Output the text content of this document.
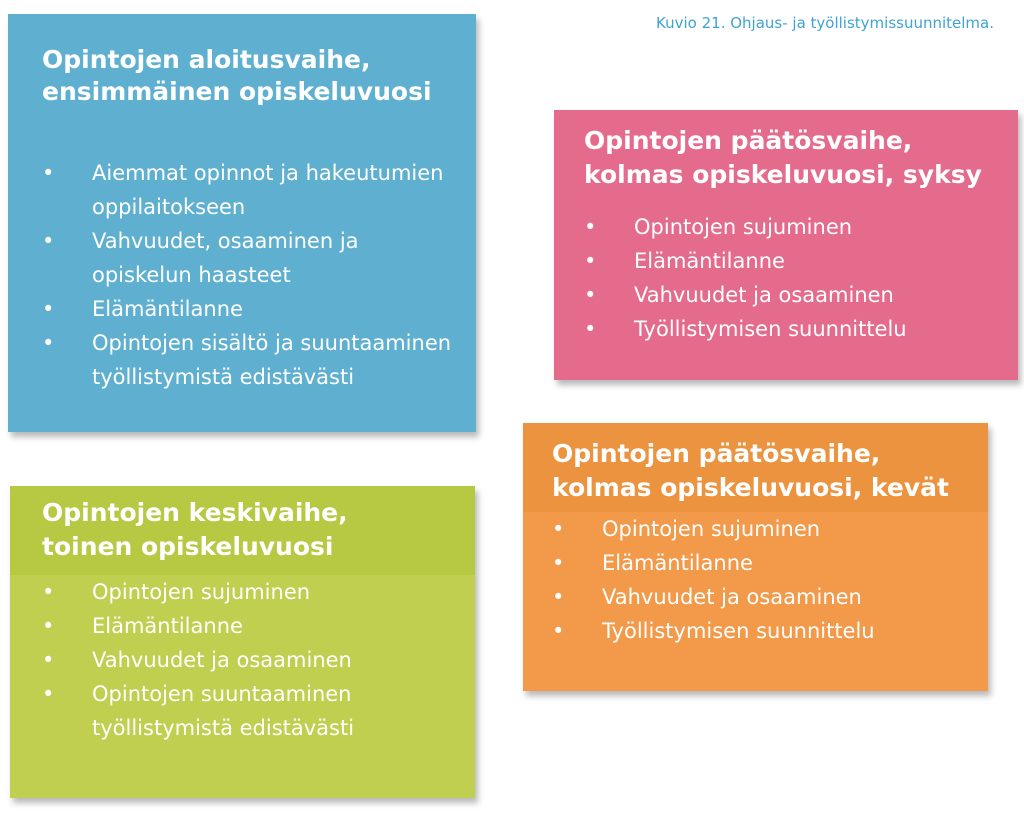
Kuvio 21. Ohjaus- ja työllistymissuunnitelma.
Opintojen aloitusvaihe,
ensimmäinen opiskeluvuosi
• Aiemmat opinnot ja hakeutumien
oppilaitokseen
• Vahvuudet, osaaminen ja
opiskelun haasteet
• Elämäntilanne
• Opintojen sisältö ja suuntaaminen
työllistymistä edistävästi
Opintojen päätösvaihe,
kolmas opiskeluvuosi, syksy
• Opintojen sujuminen
• Elämäntilanne
• Vahvuudet ja osaaminen
• Työllistymisen suunnittelu
Opintojen päätösvaihe,
kolmas opiskeluvuosi, kevät
• Opintojen sujuminen
• Elämäntilanne
• Vahvuudet ja osaaminen
• Työllistymisen suunnittelu
Opintojen keskivaihe,
toinen opiskeluvuosi
• Opintojen sujuminen
• Elämäntilanne
• Vahvuudet ja osaaminen
• Opintojen suuntaaminen
työllistymistä edistävästi
